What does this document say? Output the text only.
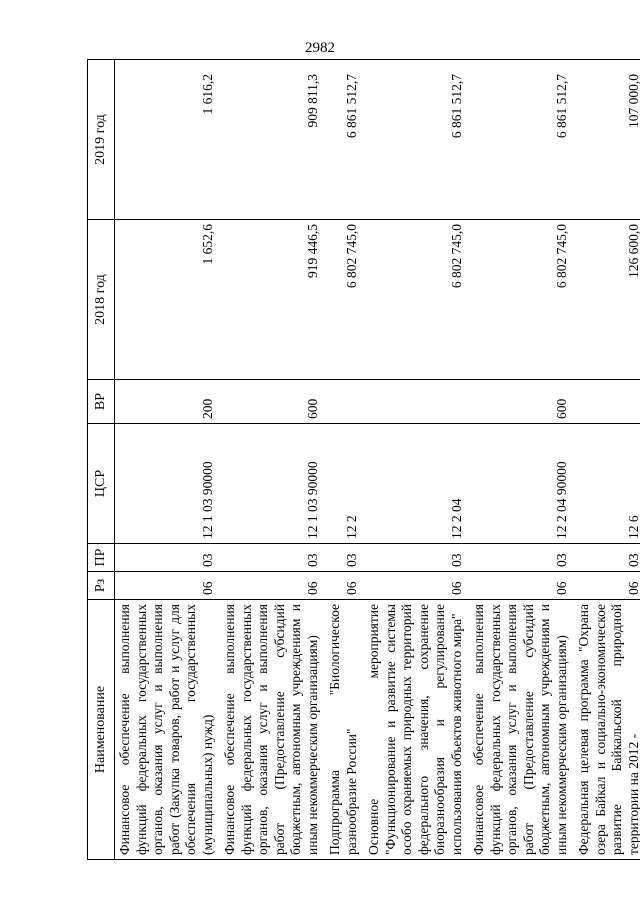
2982
Наименование	Рз	ПР	ЦСР	ВР	2018 год	2019 год
Финансовое обеспечение выполнения функций федеральных государственных органов, оказания услуг и выполнения работ (Закупка товаров, работ и услуг для обеспечения государственных (муниципальных) нужд)	06	03	12 1 03 90000	200	1 652,6	1 616,2
Финансовое обеспечение выполнения функций федеральных государственных органов, оказания услуг и выполнения работ (Предоставление субсидий бюджетным, автономным учреждениям и иным некоммерческим организациям)	06	03	12 1 03 90000	600	919 446,5	909 811,3
Подпрограмма "Биологическое разнообразие России"	06	03	12 2		6 802 745,0	6 861 512,7
Основное мероприятие "Функционирование и развитие системы особо охраняемых природных территорий федерального значения, сохранение биоразнообразия и регулирование использования объектов животного мира"	06	03	12 2 04		6 802 745,0	6 861 512,7
Финансовое обеспечение выполнения функций федеральных государственных органов, оказания услуг и выполнения работ (Предоставление субсидий бюджетным, автономным учреждениям и иным некоммерческим организациям)	06	03	12 2 04 90000	600	6 802 745,0	6 861 512,7
Федеральная целевая программа "Охрана озера Байкал и социально-экономическое развитие Байкальской природной территории на 2012 -	06	03	12 6		126 600,0	107 000,0
